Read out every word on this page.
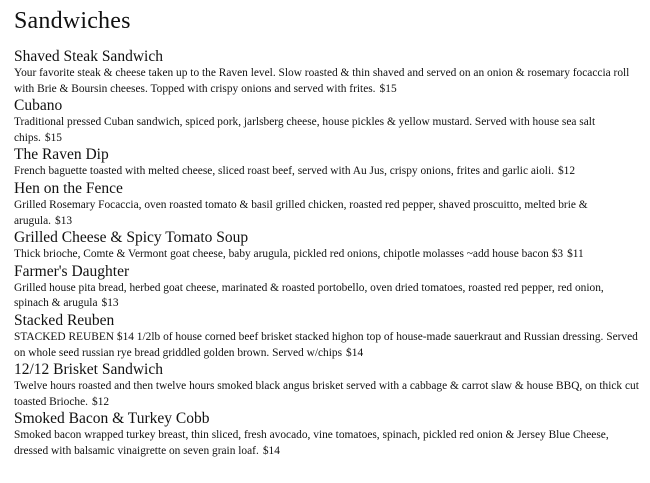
Sandwiches
Shaved Steak Sandwich

Your favorite steak & cheese taken up to the Raven level. Slow roasted & thin shaved and served on an onion & rosemary focaccia roll with Brie & Boursin cheeses. Topped with crispy onions and served with frites. $15

Cubano

Traditional pressed Cuban sandwich, spiced pork, jarlsberg cheese, house pickles & yellow mustard. Served with house sea salt chips. $15

The Raven Dip

French baguette toasted with melted cheese, sliced roast beef, served with Au Jus, crispy onions, frites and garlic aioli. $12

Hen on the Fence

Grilled Rosemary Focaccia, oven roasted tomato & basil grilled chicken, roasted red pepper, shaved proscuitto, melted brie & arugula. $13

Grilled Cheese & Spicy Tomato Soup

Thick brioche, Comte & Vermont goat cheese, baby arugula, pickled red onions, chipotle molasses ~add house bacon $3 $11

Farmer's Daughter

Grilled house pita bread, herbed goat cheese, marinated & roasted portobello, oven dried tomatoes, roasted red pepper, red onion, spinach & arugula $13

Stacked Reuben

STACKED REUBEN $14 1/2lb of house corned beef brisket stacked highon top of house-made sauerkraut and Russian dressing. Served on whole seed russian rye bread griddled golden brown. Served w/chips $14

12/12 Brisket Sandwich

Twelve hours roasted and then twelve hours smoked black angus brisket served with a cabbage & carrot slaw & house BBQ, on thick cut toasted Brioche. $12

Smoked Bacon & Turkey Cobb

Smoked bacon wrapped turkey breast, thin sliced, fresh avocado, vine tomatoes, spinach, pickled red onion & Jersey Blue Cheese, dressed with balsamic vinaigrette on seven grain loaf. $14
